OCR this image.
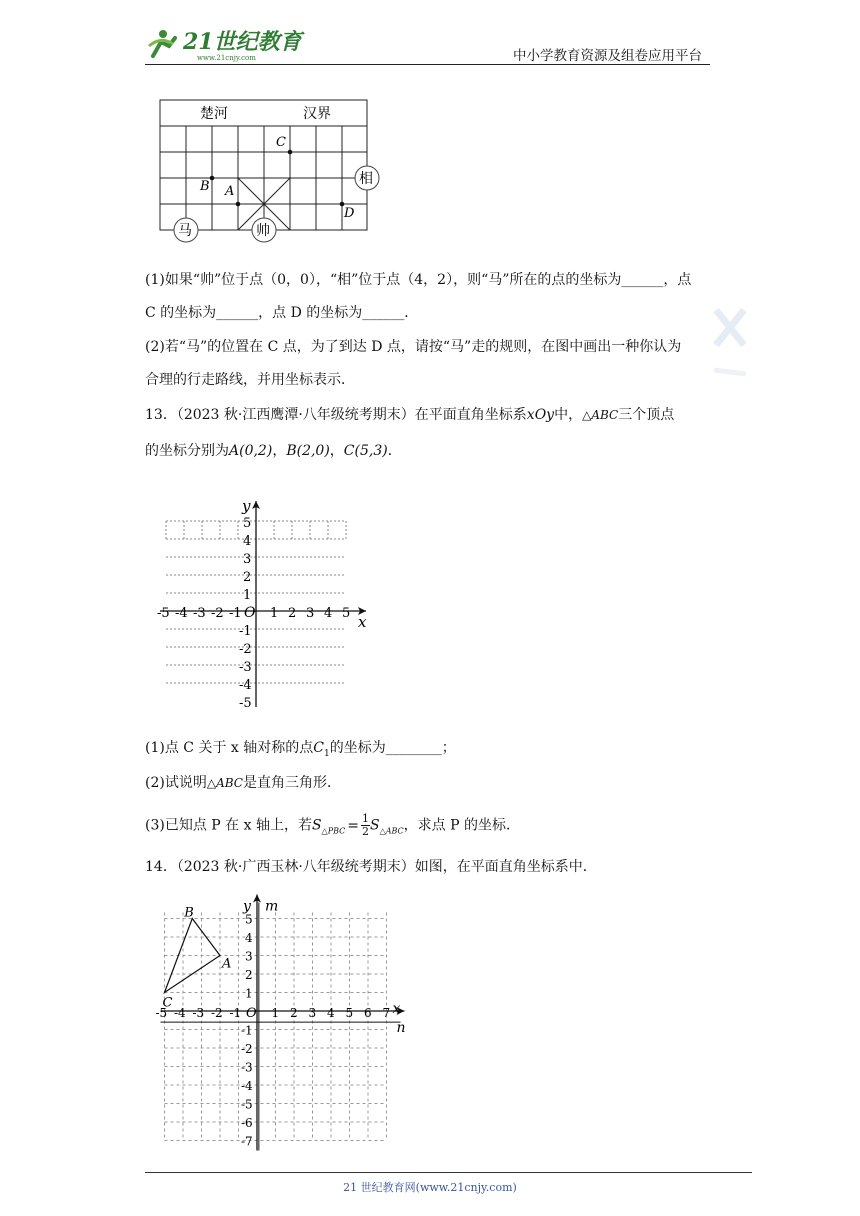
21世纪教育
www.21cnjy.com	中小学教育资源及组卷应用平台
楚河	汉界
C
B A
D
相
马	帅
(1)如果“帅”位于点（0，0），“相”位于点（4，2），则“马”所在的点的坐标为______，点
C 的坐标为______，点 D 的坐标为______．
(2)若“马”的位置在 C 点，为了到达 D 点，请按“马”走的规则，在图中画出一种你认为
合理的行走路线，并用坐标表示．
13．（2023 秋·江西鹰潭·八年级统考期末）在平面直角坐标系xOy中，△ABC三个顶点
的坐标分别为A(0,2)，B(2,0)，C(5,3)．
x
y
O
-5 -4 -3 -2 -1 1 2 3 4 5
5
4
3
2
1
-1
-2
-3
-4
-5
(1)点 C 关于 x 轴对称的点$C_1$的坐标为________；
(2)试说明△ABC是直角三角形．
(3)已知点 P 在 x 轴上，若$S_{\triangle PBC} = \frac{1}{2} S_{\triangle ABC}$，求点 P 的坐标．
14．（2023 秋·广西玉林·八年级统考期末）如图，在平面直角坐标系中．
x
n
y m
O
-5 -4 -3 -2 -1	1 2 3 4 5 6 7
5
4
3
2
1
-1
-2
-3
-4
-5
-6
-7
A
B
C
21 世纪教育网(www.21cnjy.com)
